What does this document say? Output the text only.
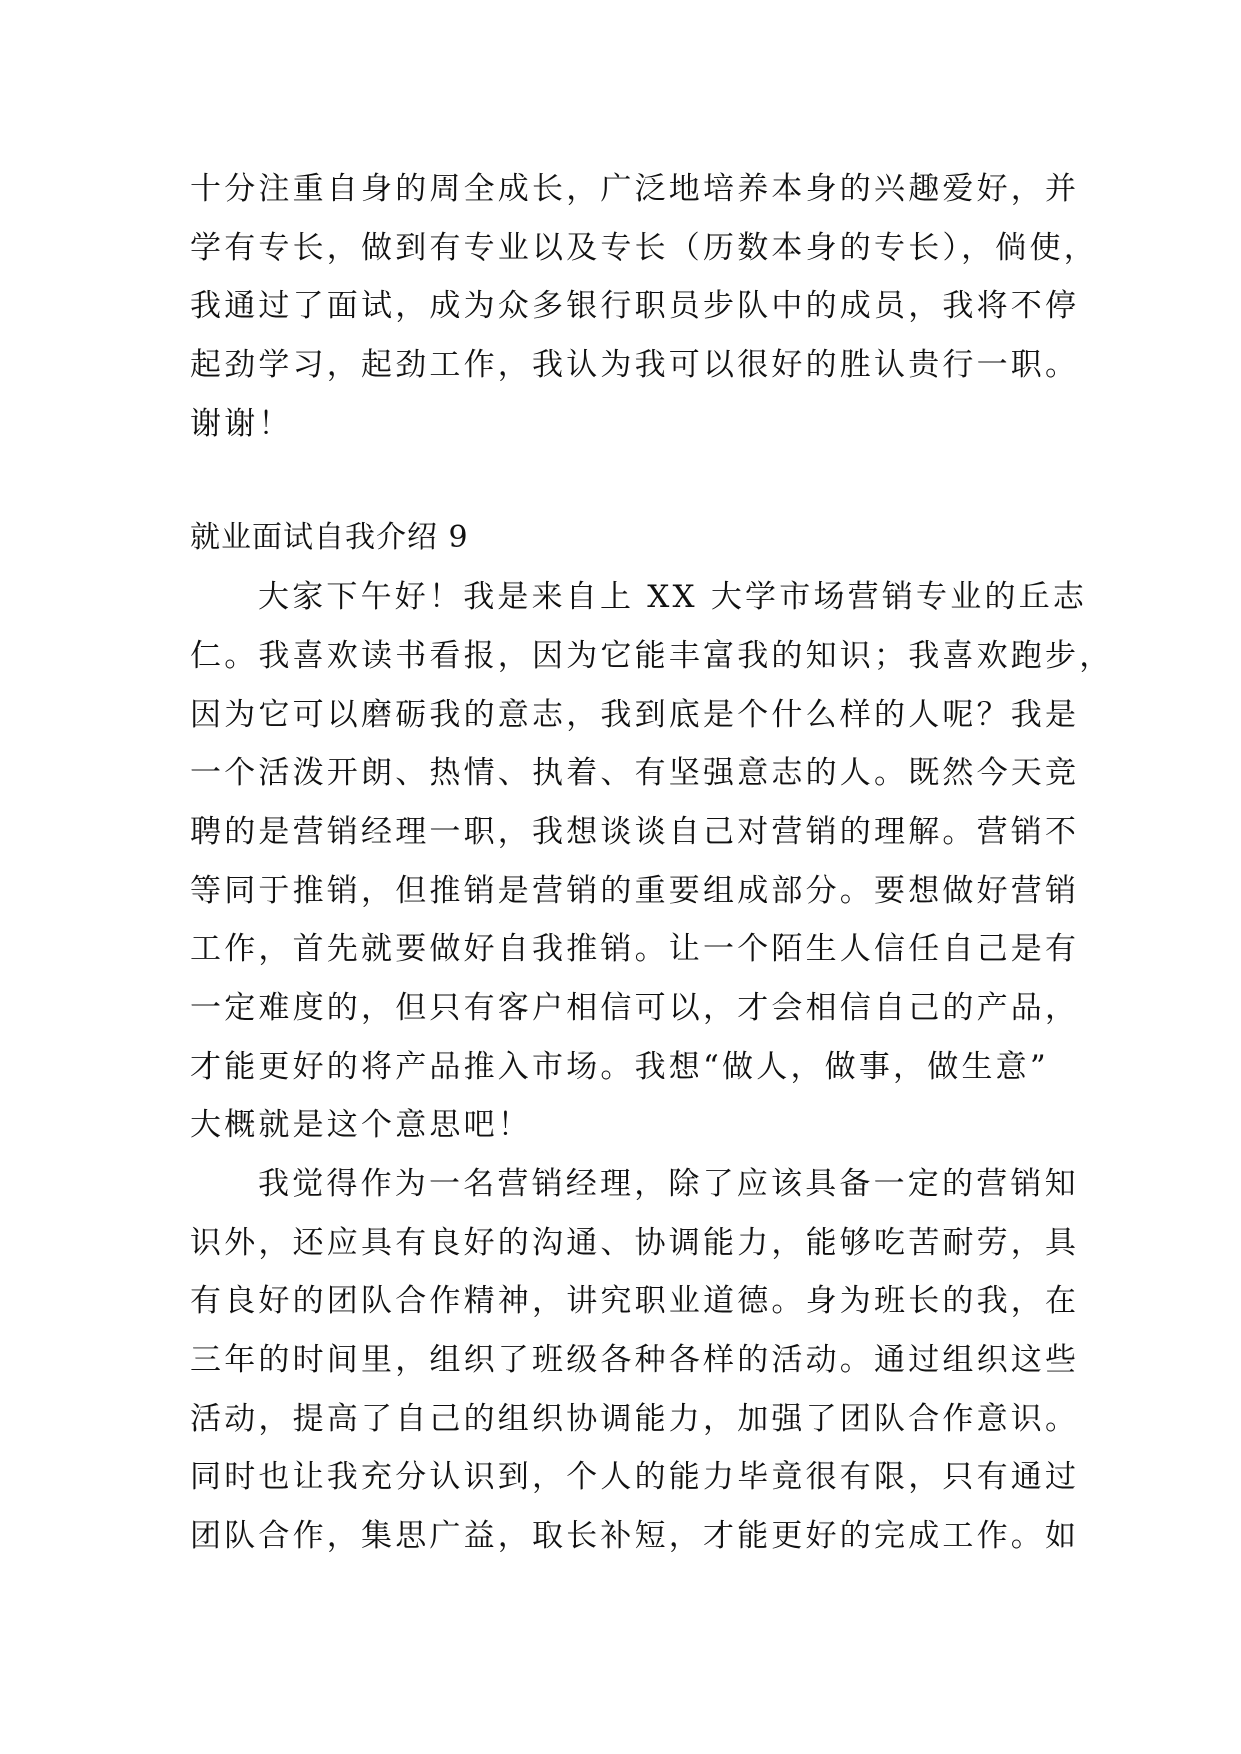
十分注重自身的周全成长，广泛地培养本身的兴趣爱好，并
学有专长，做到有专业以及专长（历数本身的专长），倘使，
我通过了面试，成为众多银行职员步队中的成员，我将不停
起劲学习，起劲工作，我认为我可以很好的胜认贵行一职。
谢谢！
就业面试自我介绍 9
大家下午好！我是来自上 XX 大学市场营销专业的丘志
仁。我喜欢读书看报，因为它能丰富我的知识；我喜欢跑步，
因为它可以磨砺我的意志，我到底是个什么样的人呢？我是
一个活泼开朗、热情、执着、有坚强意志的人。既然今天竞
聘的是营销经理一职，我想谈谈自己对营销的理解。营销不
等同于推销，但推销是营销的重要组成部分。要想做好营销
工作，首先就要做好自我推销。让一个陌生人信任自己是有
一定难度的，但只有客户相信可以，才会相信自己的产品，
才能更好的将产品推入市场。我想“做人，做事，做生意”
大概就是这个意思吧！
我觉得作为一名营销经理，除了应该具备一定的营销知
识外，还应具有良好的沟通、协调能力，能够吃苦耐劳，具
有良好的团队合作精神，讲究职业道德。身为班长的我，在
三年的时间里，组织了班级各种各样的活动。通过组织这些
活动，提高了自己的组织协调能力，加强了团队合作意识。
同时也让我充分认识到，个人的能力毕竟很有限，只有通过
团队合作，集思广益，取长补短，才能更好的完成工作。如
